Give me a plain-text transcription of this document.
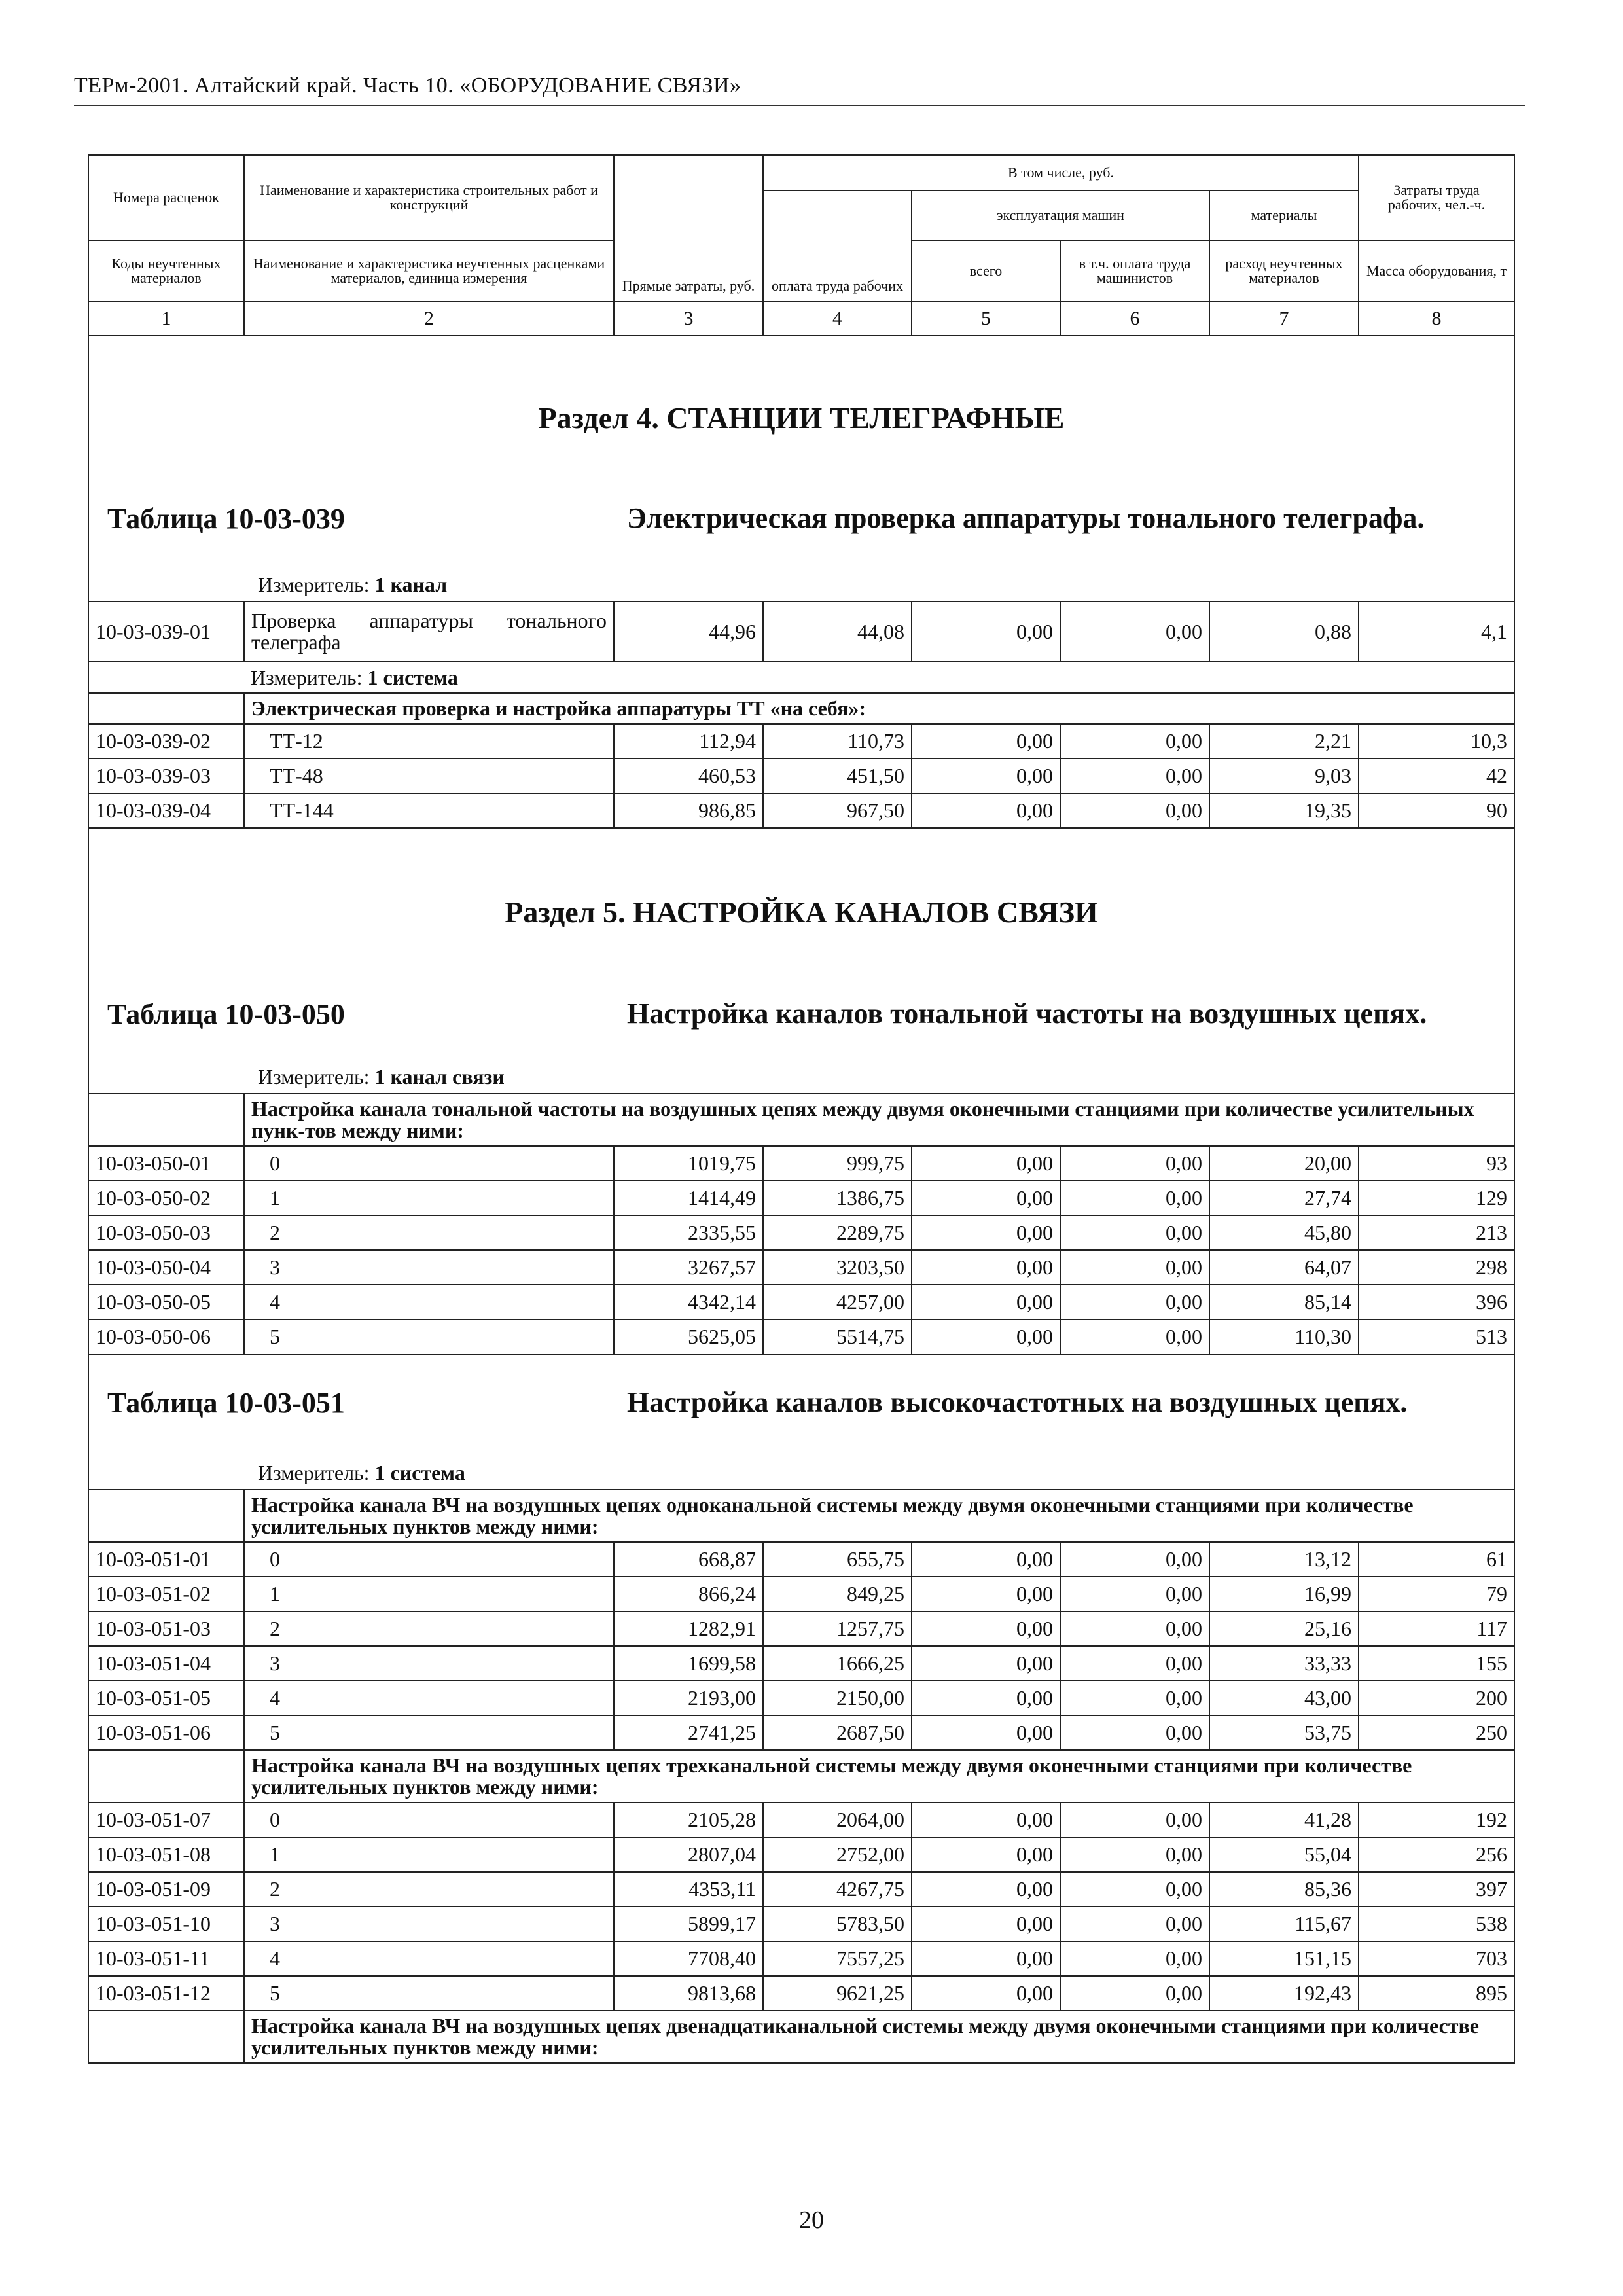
ТЕРм-2001. Алтайский край. Часть 10. «ОБОРУДОВАНИЕ СВЯЗИ»
Номера расценок	Наименование и характеристика строительных работ и конструкций	Прямые затраты, руб.	В том числе, руб.				Затраты труда рабочих, чел.-ч.
			оплата труда рабочих	эксплуатация машин		материалы	
Коды неучтенных материалов	Наименование и характеристика неучтенных расценками материалов, единица измерения			всего	в т.ч. оплата труда машинистов	расход неучтенных материалов	Масса оборудования, т
1	2	3	4	5	6	7	8
Раздел 4. СТАНЦИИ ТЕЛЕГРАФНЫЕ							

Таблица 10-03-039 Электрическая проверка аппаратуры тонального телеграфа.
Измеритель: 1 канал							

10-03-039-01	Проверка аппаратуры тонального телеграфа	44,96	44,08	0,00	0,00	0,88	4,1
	Измеритель: 1 система						
	Электрическая проверка и настройка аппаратуры ТТ «на себя»:						
10-03-039-02	ТТ-12	112,94	110,73	0,00	0,00	2,21	10,3
10-03-039-03	ТТ-48	460,53	451,50	0,00	0,00	9,03	42
10-03-039-04	ТТ-144	986,85	967,50	0,00	0,00	19,35	90
Раздел 5. НАСТРОЙКА КАНАЛОВ СВЯЗИ							

Таблица 10-03-050 Настройка каналов тональной частоты на воздушных цепях.
Измеритель: 1 канал связи							

	Настройка канала тональной частоты на воздушных цепях между двумя оконечными станциями при количестве усилительных пунк-тов между ними:						
10-03-050-01	0	1019,75	999,75	0,00	0,00	20,00	93
10-03-050-02	1	1414,49	1386,75	0,00	0,00	27,74	129
10-03-050-03	2	2335,55	2289,75	0,00	0,00	45,80	213
10-03-050-04	3	3267,57	3203,50	0,00	0,00	64,07	298
10-03-050-05	4	4342,14	4257,00	0,00	0,00	85,14	396
10-03-050-06	5	5625,05	5514,75	0,00	0,00	110,30	513

Таблица 10-03-051 Настройка каналов высокочастотных на воздушных цепях.
Измеритель: 1 система							

	Настройка канала ВЧ на воздушных цепях одноканальной системы между двумя оконечными станциями при количестве усилительных пунктов между ними:						
10-03-051-01	0	668,87	655,75	0,00	0,00	13,12	61
10-03-051-02	1	866,24	849,25	0,00	0,00	16,99	79
10-03-051-03	2	1282,91	1257,75	0,00	0,00	25,16	117
10-03-051-04	3	1699,58	1666,25	0,00	0,00	33,33	155
10-03-051-05	4	2193,00	2150,00	0,00	0,00	43,00	200
10-03-051-06	5	2741,25	2687,50	0,00	0,00	53,75	250
	Настройка канала ВЧ на воздушных цепях трехканальной системы между двумя оконечными станциями при количестве усилительных пунктов между ними:						
10-03-051-07	0	2105,28	2064,00	0,00	0,00	41,28	192
10-03-051-08	1	2807,04	2752,00	0,00	0,00	55,04	256
10-03-051-09	2	4353,11	4267,75	0,00	0,00	85,36	397
10-03-051-10	3	5899,17	5783,50	0,00	0,00	115,67	538
10-03-051-11	4	7708,40	7557,25	0,00	0,00	151,15	703
10-03-051-12	5	9813,68	9621,25	0,00	0,00	192,43	895
	Настройка канала ВЧ на воздушных цепях двенадцатиканальной системы между двумя оконечными станциями при количестве усилительных пунктов между ними:						
20
